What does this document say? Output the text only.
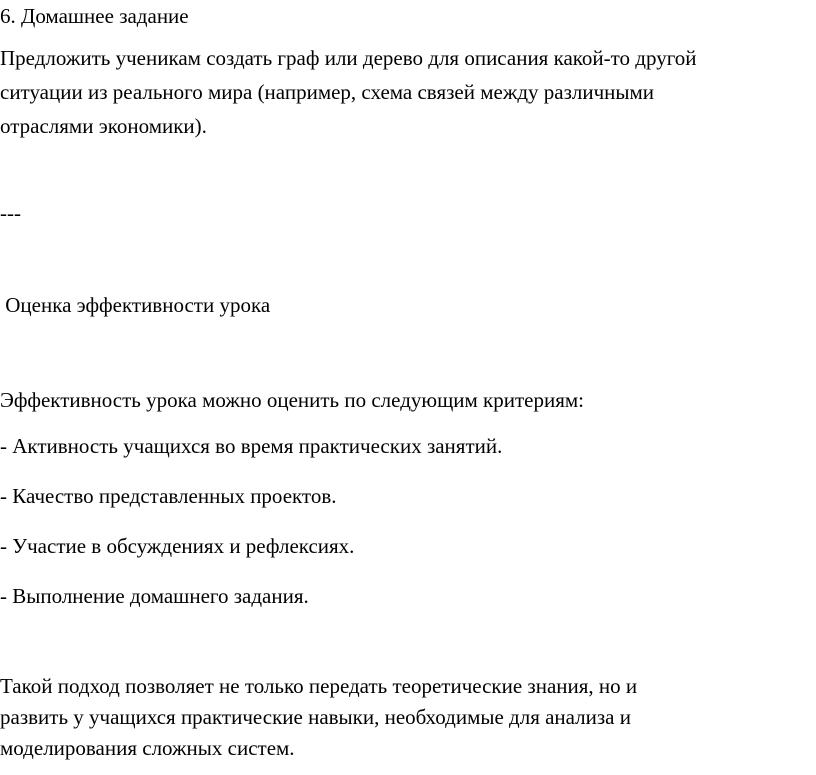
6. Домашнее задание

Предложить ученикам создать граф или дерево для описания какой-то другой

ситуации из реального мира (например, схема связей между различными

отраслями экономики).

---

Оценка эффективности урока

Эффективность урока можно оценить по следующим критериям:

- Активность учащихся во время практических занятий.
- Качество представленных проектов.
- Участие в обсуждениях и рефлексиях.
- Выполнение домашнего задания.

Такой подход позволяет не только передать теоретические знания, но и

развить у учащихся практические навыки, необходимые для анализа и

моделирования сложных систем.
